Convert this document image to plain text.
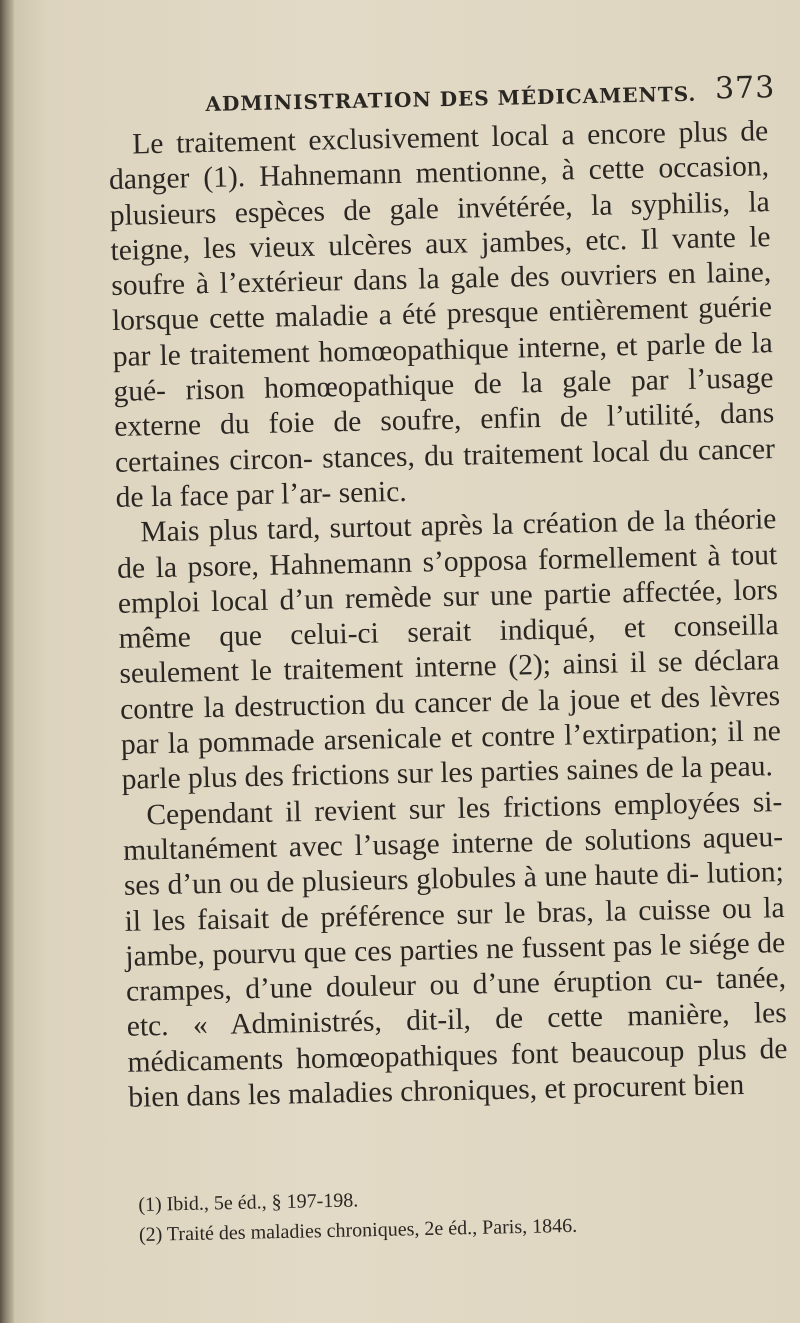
ADMINISTRATION DES MÉDICAMENTS. 373

Le traitement exclusivement local a encore plus de danger (1). Hahnemann mentionne, à cette occasion, plusieurs espèces de gale invétérée, la syphilis, la teigne, les vieux ulcères aux jambes, etc. Il vante le soufre à l’extérieur dans la gale des ouvriers en laine, lorsque cette maladie a été presque entièrement guérie par le traitement homœopathique interne, et parle de la gué- rison homœopathique de la gale par l’usage externe du foie de soufre, enfin de l’utilité, dans certaines circon- stances, du traitement local du cancer de la face par l’ar- senic.

Mais plus tard, surtout après la création de la théorie de la psore, Hahnemann s’opposa formellement à tout emploi local d’un remède sur une partie affectée, lors même que celui-ci serait indiqué, et conseilla seulement le traitement interne (2); ainsi il se déclara contre la destruction du cancer de la joue et des lèvres par la pommade arsenicale et contre l’extirpation; il ne parle plus des frictions sur les parties saines de la peau.

Cependant il revient sur les frictions employées si- multanément avec l’usage interne de solutions aqueu- ses d’un ou de plusieurs globules à une haute di- lution; il les faisait de préférence sur le bras, la cuisse ou la jambe, pourvu que ces parties ne fussent pas le siége de crampes, d’une douleur ou d’une éruption cu- tanée, etc. « Administrés, dit-il, de cette manière, les médicaments homœopathiques font beaucoup plus de bien dans les maladies chroniques, et procurent bien

(1) Ibid., 5e éd., § 197-198.
(2) Traité des maladies chroniques, 2e éd., Paris, 1846.
